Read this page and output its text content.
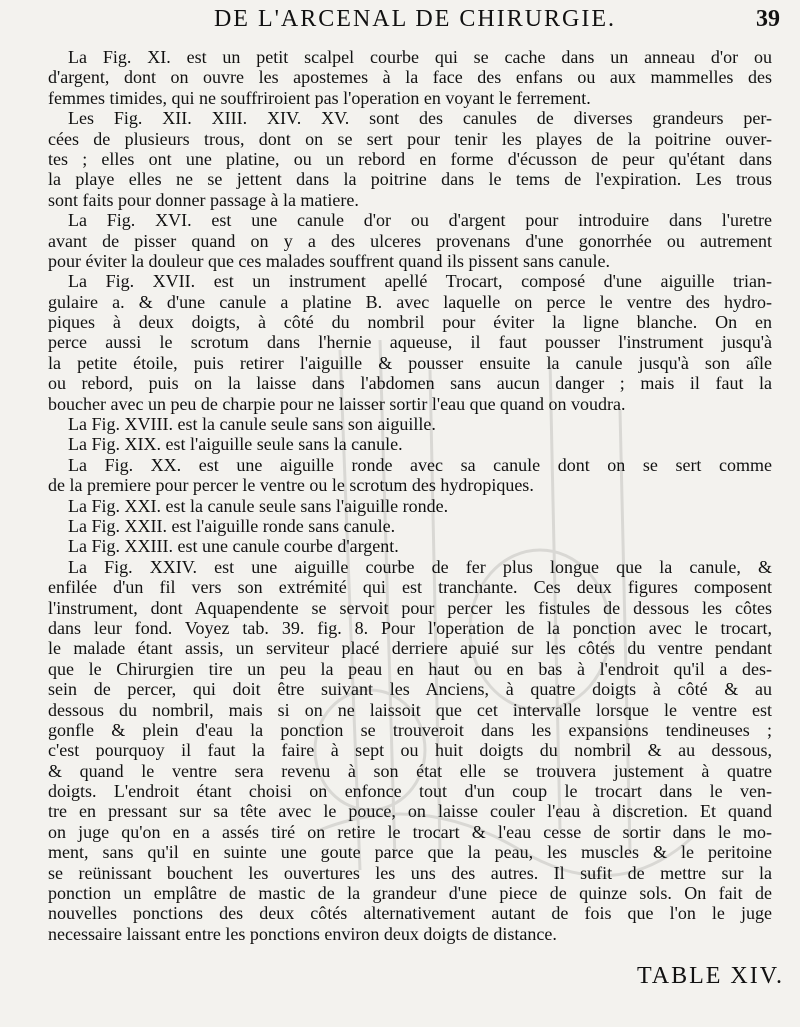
DE L'ARCENAL DE CHIRURGIE.	39
La Fig. XI. est un petit scalpel courbe qui se cache dans un anneau d'or ou
d'argent, dont on ouvre les apostemes à la face des enfans ou aux mammelles des
femmes timides, qui ne souffriroient pas l'operation en voyant le ferrement.
Les Fig. XII. XIII. XIV. XV. sont des canules de diverses grandeurs per-
cées de plusieurs trous, dont on se sert pour tenir les playes de la poitrine ouver-
tes ; elles ont une platine, ou un rebord en forme d'écusson de peur qu'étant dans
la playe elles ne se jettent dans la poitrine dans le tems de l'expiration. Les trous
sont faits pour donner passage à la matiere.
La Fig. XVI. est une canule d'or ou d'argent pour introduire dans l'uretre
avant de pisser quand on y a des ulceres provenans d'une gonorrhée ou autrement
pour éviter la douleur que ces malades souffrent quand ils pissent sans canule.
La Fig. XVII. est un instrument apellé Trocart, composé d'une aiguille trian-
gulaire a. & d'une canule a platine B. avec laquelle on perce le ventre des hydro-
piques à deux doigts, à côté du nombril pour éviter la ligne blanche. On en
perce aussi le scrotum dans l'hernie aqueuse, il faut pousser l'instrument jusqu'à
la petite étoile, puis retirer l'aiguille & pousser ensuite la canule jusqu'à son aîle
ou rebord, puis on la laisse dans l'abdomen sans aucun danger ; mais il faut la
boucher avec un peu de charpie pour ne laisser sortir l'eau que quand on voudra.
La Fig. XVIII. est la canule seule sans son aiguille.
La Fig. XIX. est l'aiguille seule sans la canule.
La Fig. XX. est une aiguille ronde avec sa canule dont on se sert comme
de la premiere pour percer le ventre ou le scrotum des hydropiques.
La Fig. XXI. est la canule seule sans l'aiguille ronde.
La Fig. XXII. est l'aiguille ronde sans canule.
La Fig. XXIII. est une canule courbe d'argent.
La Fig. XXIV. est une aiguille courbe de fer plus longue que la canule, &
enfilée d'un fil vers son extrémité qui est tranchante. Ces deux figures composent
l'instrument, dont Aquapendente se servoit pour percer les fistules de dessous les côtes
dans leur fond. Voyez tab. 39. fig. 8. Pour l'operation de la ponction avec le trocart,
le malade étant assis, un serviteur placé derriere apuié sur les côtés du ventre pendant
que le Chirurgien tire un peu la peau en haut ou en bas à l'endroit qu'il a des-
sein de percer, qui doit être suivant les Anciens, à quatre doigts à côté & au
dessous du nombril, mais si on ne laissoit que cet intervalle lorsque le ventre est
gonfle & plein d'eau la ponction se trouveroit dans les expansions tendineuses ;
c'est pourquoy il faut la faire à sept ou huit doigts du nombril & au dessous,
& quand le ventre sera revenu à son état elle se trouvera justement à quatre
doigts. L'endroit étant choisi on enfonce tout d'un coup le trocart dans le ven-
tre en pressant sur sa tête avec le pouce, on laisse couler l'eau à discretion. Et quand
on juge qu'on en a assés tiré on retire le trocart & l'eau cesse de sortir dans le mo-
ment, sans qu'il en suinte une goute parce que la peau, les muscles & le peritoine
se reünissant bouchent les ouvertures les uns des autres. Il sufit de mettre sur la
ponction un emplâtre de mastic de la grandeur d'une piece de quinze sols. On fait de
nouvelles ponctions des deux côtés alternativement autant de fois que l'on le juge
necessaire laissant entre les ponctions environ deux doigts de distance.
TABLE XIV.
